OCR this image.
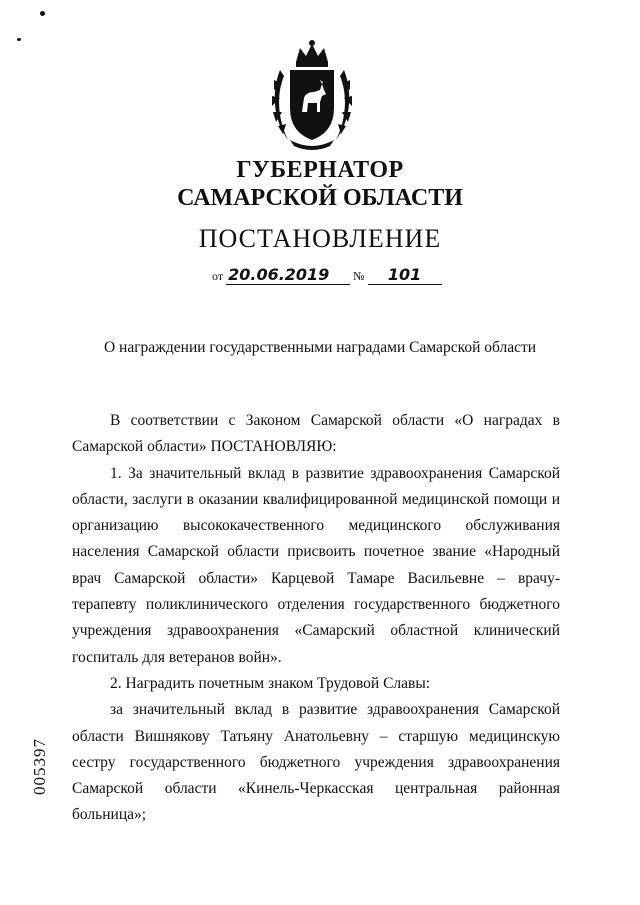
ГУБЕРНАТОР
САМАРСКОЙ ОБЛАСТИ
ПОСТАНОВЛЕНИЕ
от 20.06.2019 № 101
О награждении государственными наградами Самарской области

В соответствии с Законом Самарской области «О наградах в Самарской области» ПОСТАНОВЛЯЮ:

1. За значительный вклад в развитие здравоохранения Самарской области, заслуги в оказании квалифицированной медицинской помощи и организацию высококачественного медицинского обслуживания населения Самарской области присвоить почетное звание «Народный врач Самарской области» Карцевой Тамаре Васильевне – врачу-терапевту поликлинического отделения государственного бюджетного учреждения здравоохранения «Самарский областной клинический госпиталь для ветеранов войн».

2. Наградить почетным знаком Трудовой Славы:

за значительный вклад в развитие здравоохранения Самарской области Вишнякову Татьяну Анатольевну – старшую медицинскую сестру государственного бюджетного учреждения здравоохранения Самарской области «Кинель-Черкасская центральная районная больница»;

005397
